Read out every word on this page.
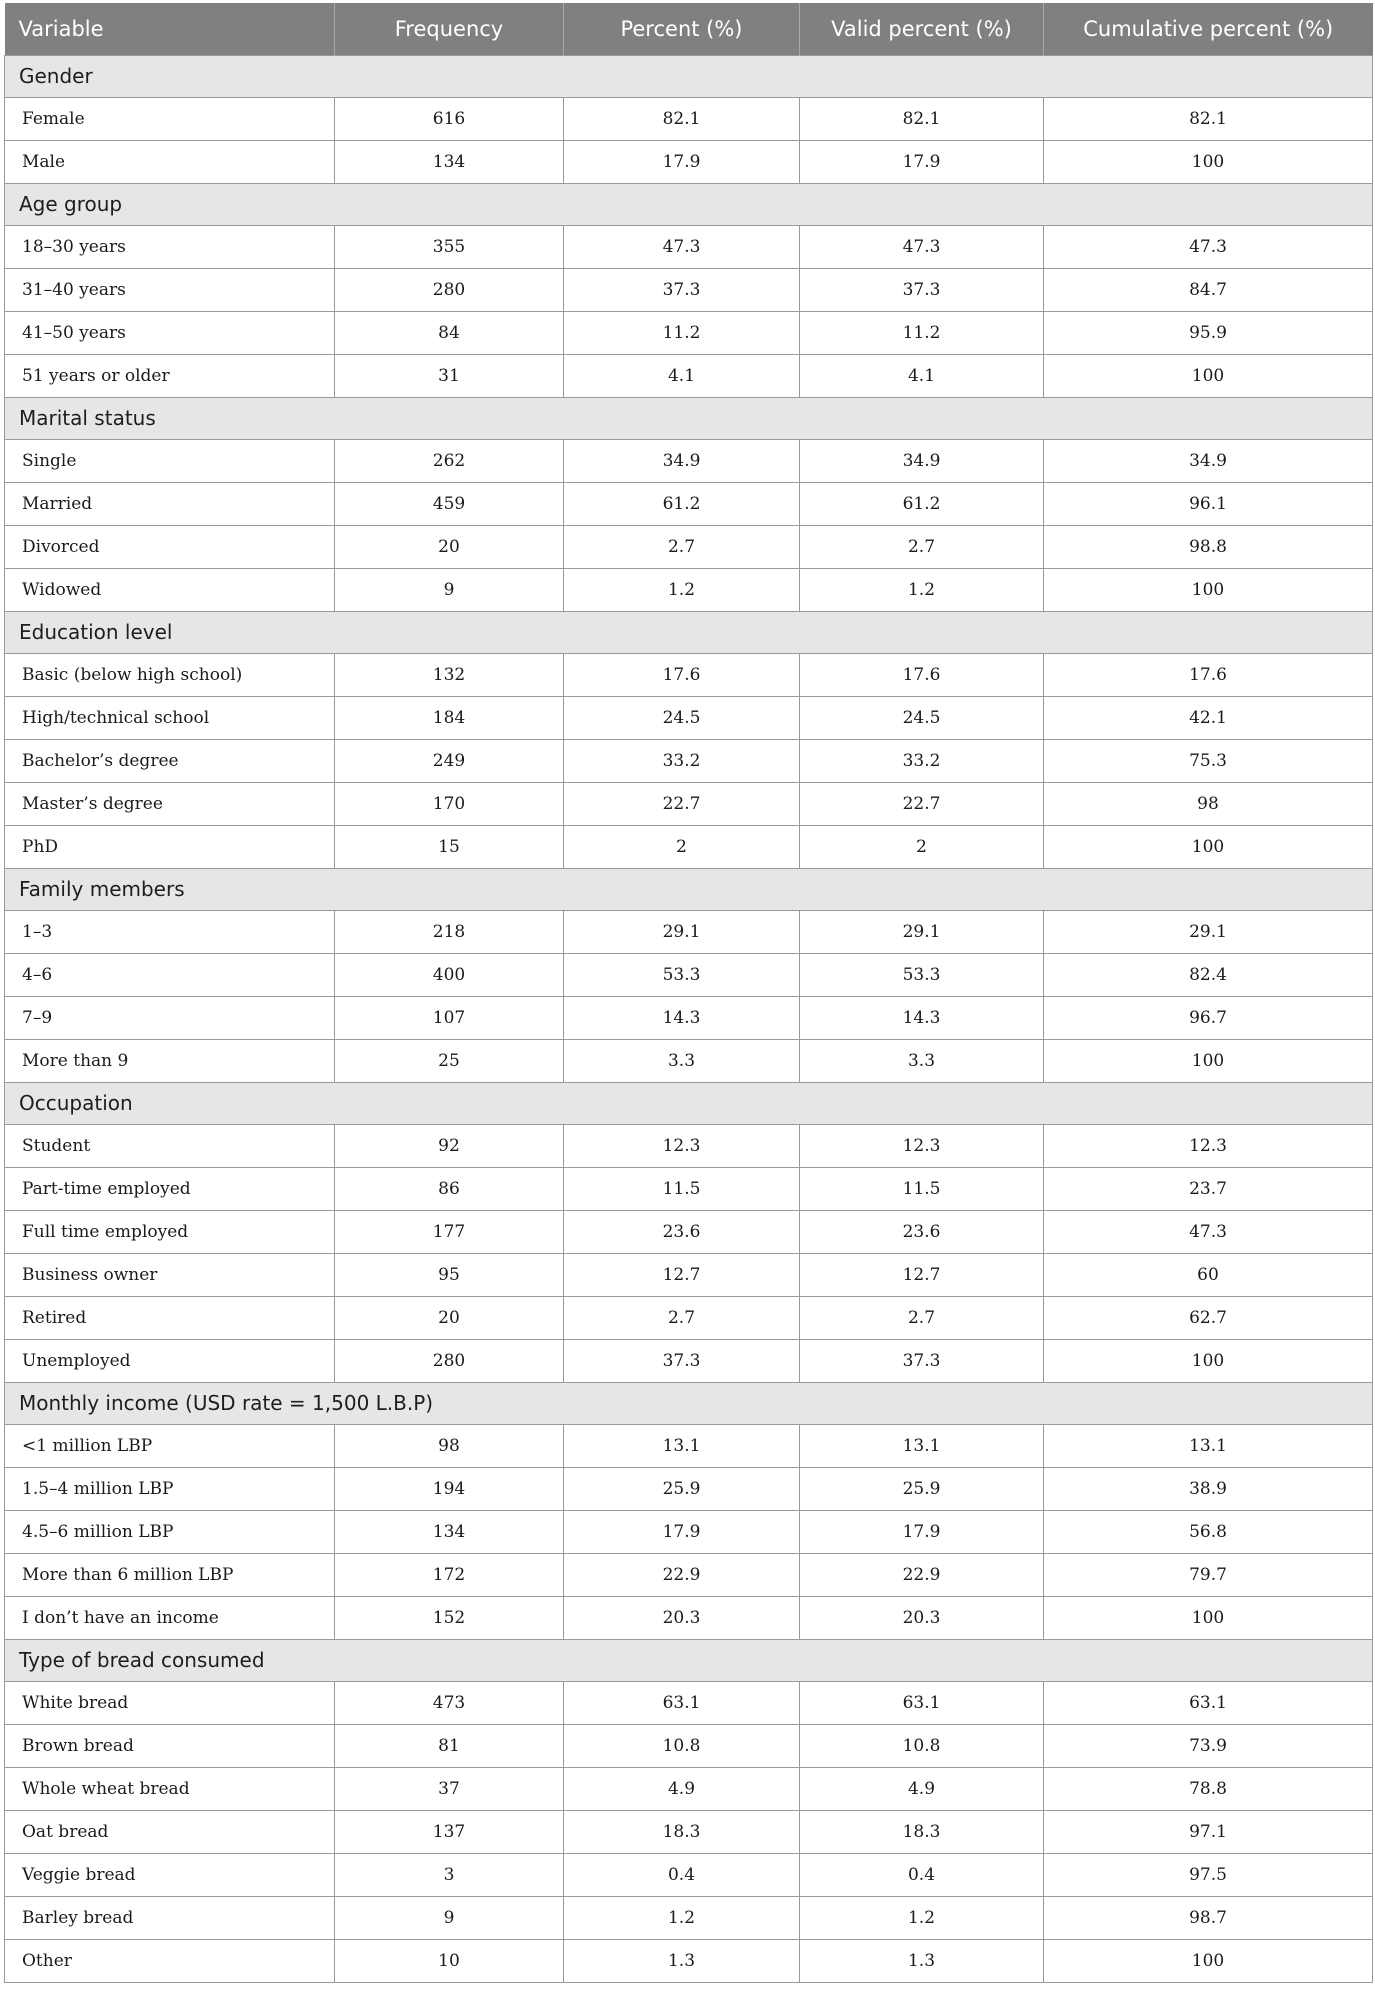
Variable	Frequency	Percent (%)	Valid percent (%)	Cumulative percent (%)
Gender				
Female	616	82.1	82.1	82.1
Male	134	17.9	17.9	100
Age group				
18–30 years	355	47.3	47.3	47.3
31–40 years	280	37.3	37.3	84.7
41–50 years	84	11.2	11.2	95.9
51 years or older	31	4.1	4.1	100
Marital status				
Single	262	34.9	34.9	34.9
Married	459	61.2	61.2	96.1
Divorced	20	2.7	2.7	98.8
Widowed	9	1.2	1.2	100
Education level				
Basic (below high school)	132	17.6	17.6	17.6
High/technical school	184	24.5	24.5	42.1
Bachelor’s degree	249	33.2	33.2	75.3
Master’s degree	170	22.7	22.7	98
PhD	15	2	2	100
Family members				
1–3	218	29.1	29.1	29.1
4–6	400	53.3	53.3	82.4
7–9	107	14.3	14.3	96.7
More than 9	25	3.3	3.3	100
Occupation				
Student	92	12.3	12.3	12.3
Part-time employed	86	11.5	11.5	23.7
Full time employed	177	23.6	23.6	47.3
Business owner	95	12.7	12.7	60
Retired	20	2.7	2.7	62.7
Unemployed	280	37.3	37.3	100
Monthly income (USD rate = 1,500 L.B.P)				
<1 million LBP	98	13.1	13.1	13.1
1.5–4 million LBP	194	25.9	25.9	38.9
4.5–6 million LBP	134	17.9	17.9	56.8
More than 6 million LBP	172	22.9	22.9	79.7
I don’t have an income	152	20.3	20.3	100
Type of bread consumed				
White bread	473	63.1	63.1	63.1
Brown bread	81	10.8	10.8	73.9
Whole wheat bread	37	4.9	4.9	78.8
Oat bread	137	18.3	18.3	97.1
Veggie bread	3	0.4	0.4	97.5
Barley bread	9	1.2	1.2	98.7
Other	10	1.3	1.3	100
